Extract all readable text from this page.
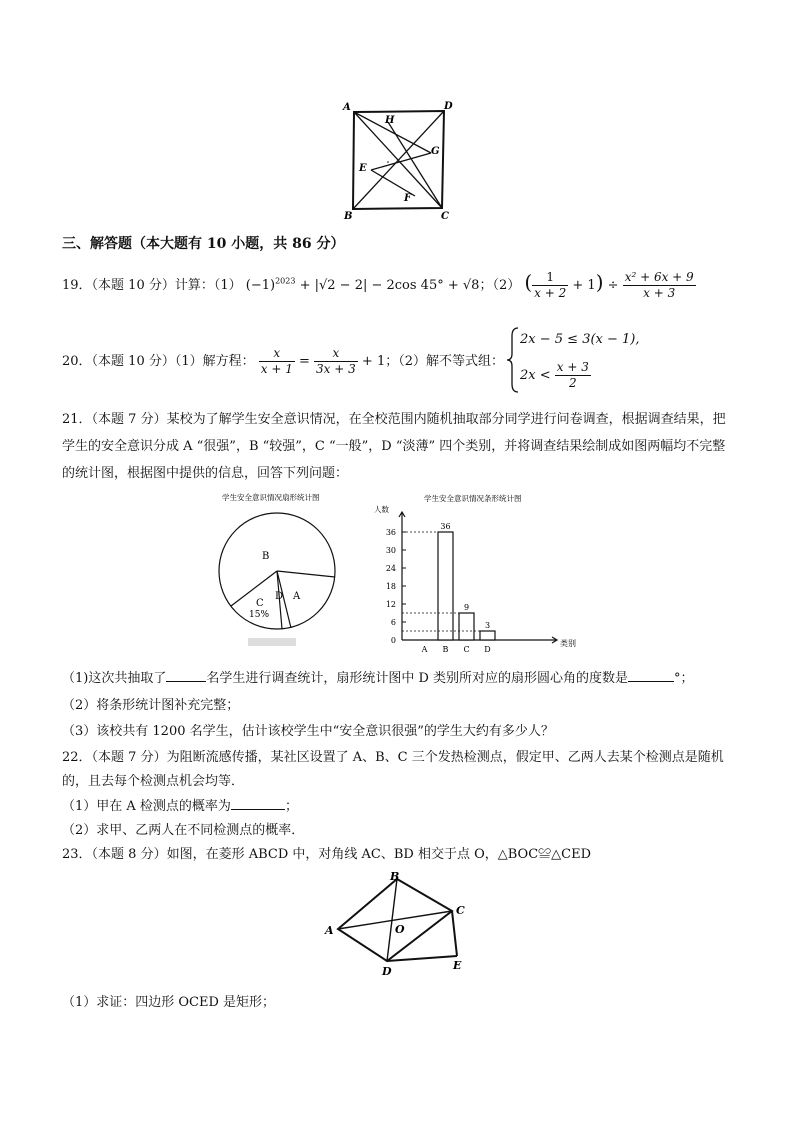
A	D
H
G
E
F
B	C
三、解答题（本大题有 10 小题，共 86 分）
19．（本题 10 分）计算：（1） $(-1)^{2023} + |√2 - 2| - 2\cos$ 45° + √8；（2） ( $\frac{1}{x + 2} + 1) \div \frac{\text{x² + 6x + 9}}{x + 3}$
20．（本题 10 分）（1）解方程： $\frac{x}{x + 1} = \frac{x}{3x + 3} + 1$；（2）解不等式组：
2x − 5 ≤ 3(x − 1),
$2x < \frac{x + 3}{2}$
21．（本题 7 分）某校为了解学生安全意识情况，在全校范围内随机抽取部分同学进行问卷调查，根据调查结果，把学生的安全意识分成 A “很强”，B “较强”，C “一般”，D “淡薄” 四个类别，并将调查结果绘制成如图两幅均不完整的统计图，根据图中提供的信息，回答下列问题：
学生安全意识情况扇形统计图
B
A
C
D
15%
学生安全意识情况条形统计图
人数
类别
0
6
12
18
24
30
36
A B
36
C
9
D
3
（1)这次共抽取了	名学生进行调查统计，扇形统计图中 D 类别所对应的扇形圆心角的度数是	°；
（2）将条形统计图补充完整；
（3）该校共有 1200 名学生，估计该校学生中“安全意识很强”的学生大约有多少人？
22．（本题 7 分）为阻断流感传播，某社区设置了 A、B、C 三个发热检测点，假定甲、乙两人去某个检测点是随机的，且去每个检测点机会均等．
（1）甲在 A 检测点的概率为	；
（2）求甲、乙两人在不同检测点的概率．
23．（本题 8 分）如图，在菱形 ABCD 中，对角线 AC、BD 相交于点 O，△BOC≌△CED
B
A	O
C
D	E
（1）求证：四边形 OCED 是矩形；
